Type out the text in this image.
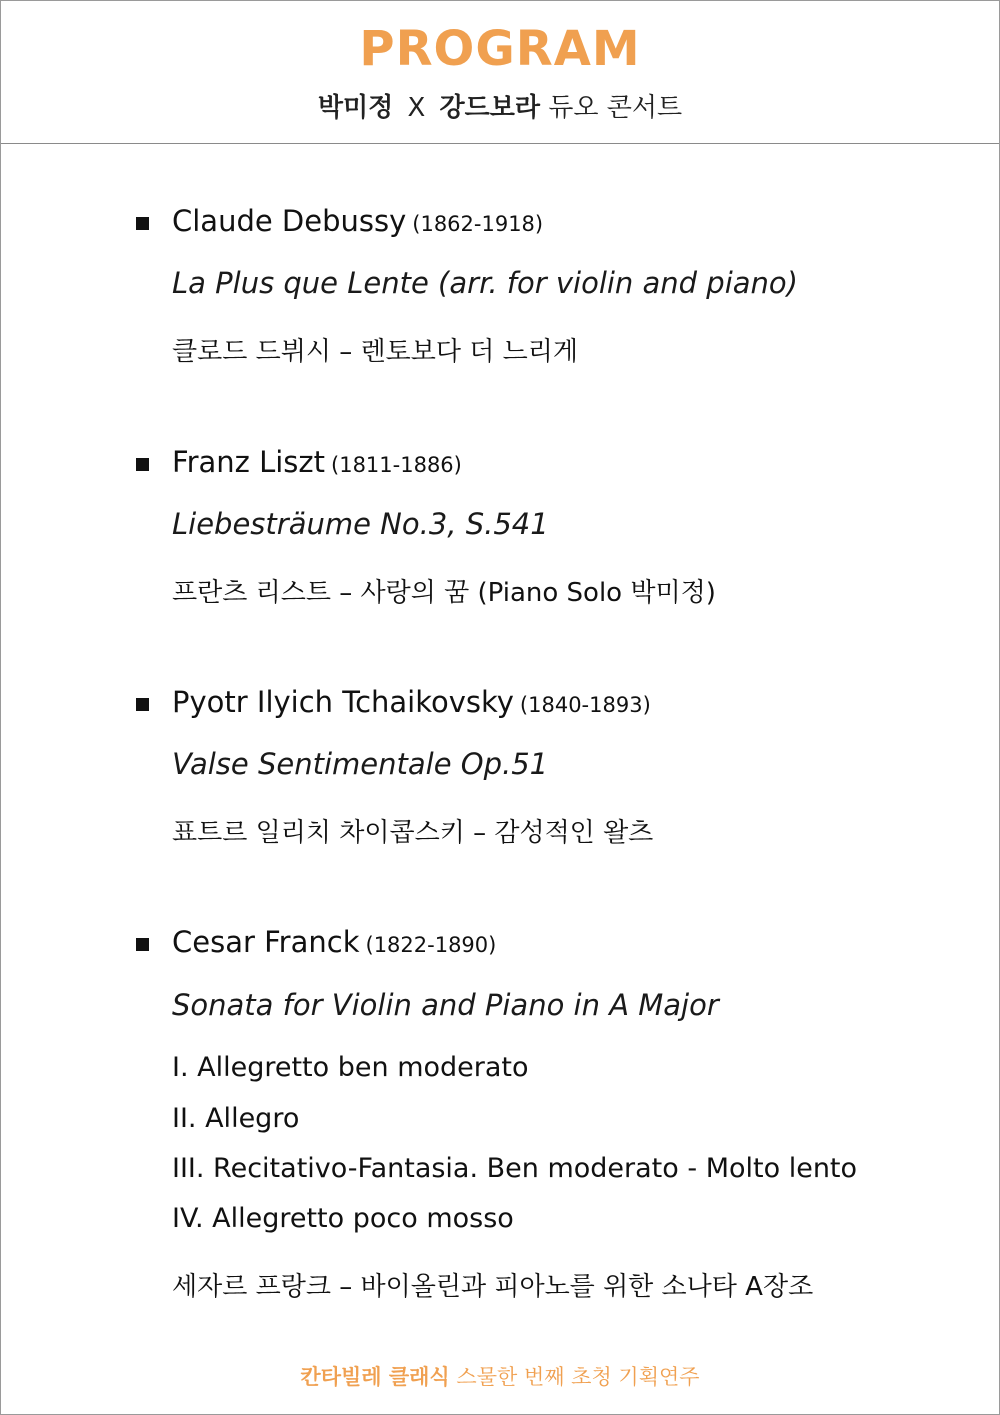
PROGRAM
박미정 X 강드보라 듀오 콘서트
Claude Debussy (1862-1918)
La Plus que Lente (arr. for violin and piano)
클로드 드뷔시 – 렌토보다 더 느리게
Franz Liszt (1811-1886)
Liebesträume No.3, S.541
프란츠 리스트 – 사랑의 꿈 (Piano Solo 박미정)
Pyotr Ilyich Tchaikovsky (1840-1893)
Valse Sentimentale Op.51
표트르 일리치 차이콥스키 – 감성적인 왈츠
Cesar Franck (1822-1890)
Sonata for Violin and Piano in A Major
I. Allegretto ben moderato
II. Allegro
III. Recitativo-Fantasia. Ben moderato - Molto lento
IV. Allegretto poco mosso
세자르 프랑크 – 바이올린과 피아노를 위한 소나타 A장조
칸타빌레 클래식 스물한 번째 초청 기획연주
